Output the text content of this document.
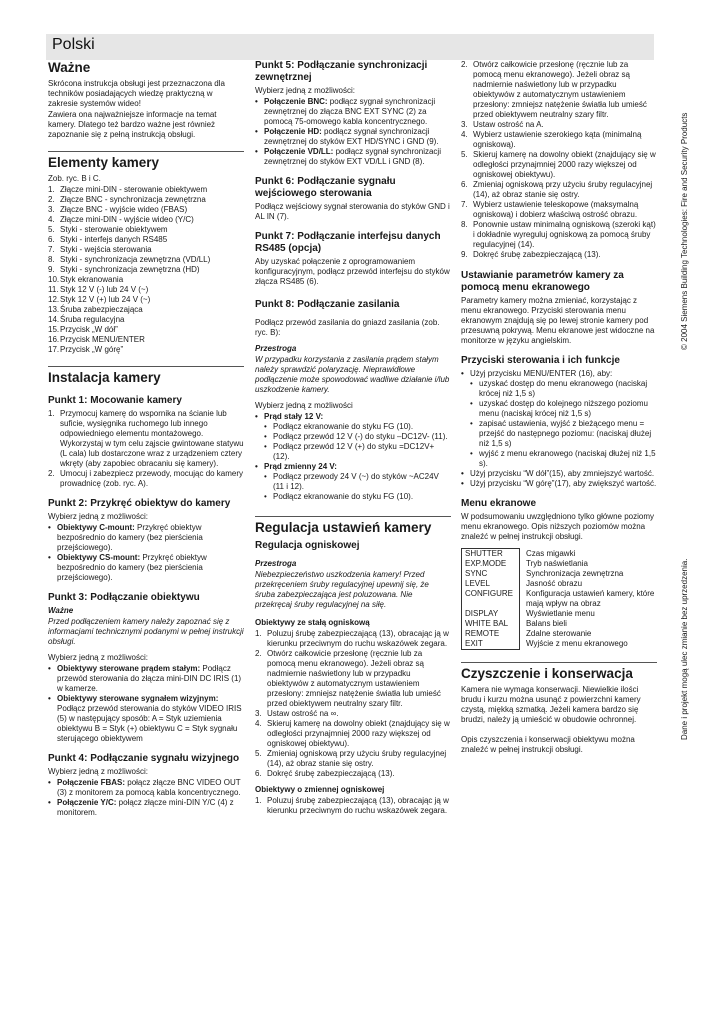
Polski
Ważne

Skrócona instrukcja obsługi jest przeznaczona dla techników posiadających wiedzę praktyczną w zakresie systemów wideo!

Zawiera ona najważniejsze informacje na temat kamery. Dlatego też bardzo ważne jest również zapoznanie się z pełną instrukcją obsługi.

Elementy kamery

Zob. ryc. B i C.

1. Złącze mini-DIN - sterowanie obiektywem
2. Złącze BNC - synchronizacja zewnętrzna
3. Złącze BNC - wyjście wideo (FBAS)
4. Złącze mini-DIN - wyjście wideo (Y/C)
5. Styki - sterowanie obiektywem
6. Styki - interfejs danych RS485
7. Styki - wejścia sterowania
8. Styki - synchronizacja zewnętrzna (VD/LL)
9. Styki - synchronizacja zewnętrzna (HD)
10. Styk ekranowania
11. Styk 12 V (-) lub 24 V (~)
12. Styk 12 V (+) lub 24 V (~)
13. Śruba zabezpieczająca
14. Śruba regulacyjna
15. Przycisk „W dół”
16. Przycisk MENU/ENTER
17. Przycisk „W górę”
Instalacja kamery
Punkt 1: Mocowanie kamery
1. Przymocuj kamerę do wspornika na ścianie lub suficie, wysięgnika ruchomego lub innego odpowiedniego elementu montażowego. Wykorzystaj w tym celu ząjscie gwintowane statywu (L cala) lub dostarczone wraz z urządzeniem cztery wkręty (aby zapobiec obracaniu się kamery).
2. Umocuj i zabezpiecz przewody, mocując do kamery prowadnicę (zob. ryc. A).
Punkt 2: Przykręć obiektyw do kamery

Wybierz jedną z możliwości:

• Obiektywy C-mount: Przykręć obiektyw bezpośrednio do kamery (bez pierścienia przejściowego).
• Obiektywy CS-mount: Przykręć obiektyw bezpośrednio do kamery (bez pierścienia przejściowego).
Punkt 3: Podłączanie obiektywu

Ważne

Przed podłączeniem kamery należy zapoznać się z informacjami technicznymi podanymi w pełnej instrukcji obsługi.

Wybierz jedną z możliwości:

• Obiektywy sterowane prądem stałym: Podłącz przewód sterowania do złącza mini-DIN DC IRIS (1) w kamerze.
• Obiektywy sterowane sygnałem wizyjnym: Podłącz przewód sterowania do styków VIDEO IRIS (5) w następujący sposób: A = Styk uziemienia obiektywu B = Styk (+) obiektywu C = Styk sygnału sterującego obiektywem
Punkt 4: Podłączanie sygnału wizyjnego

Wybierz jedną z możliwości:

• Połączenie FBAS: połącz złącze BNC VIDEO OUT (3) z monitorem za pomocą kabla koncentrycznego.
• Połączenie Y/C: połącz złącze mini-DIN Y/C (4) z monitorem.
Punkt 5: Podłączanie synchronizacji zewnętrznej

Wybierz jedną z możliwości:

• Połączenie BNC: podłącz sygnał synchronizacji zewnętrznej do złącza BNC EXT SYNC (2) za pomocą 75-omowego kabla koncentrycznego.
• Połączenie HD: podłącz sygnał synchronizacji zewnętrznej do styków EXT HD/SYNC i GND (9).
• Połączenie VD/LL: podłącz sygnał synchronizacji zewnętrznej do styków EXT VD/LL i GND (8).
Punkt 6: Podłączanie sygnału wejściowego sterowania

Podłącz wejściowy sygnał sterowania do styków GND i AL IN (7).

Punkt 7: Podłączanie interfejsu danych RS485 (opcja)

Aby uzyskać połączenie z oprogramowaniem konfiguracyjnym, podłącz przewód interfejsu do styków złącza RS485 (6).

Punkt 8: Podłączanie zasilania

Podłącz przewód zasilania do gniazd zasilania (zob. ryc. B):

Przestroga

W przypadku korzystania z zasilania prądem stałym należy sprawdzić polaryzację. Nieprawidłowe podłączenie może spowodować wadliwe działanie i/lub uszkodzenie kamery.

Wybierz jedną z możliwości

• Prąd stały 12 V:
• Podłącz ekranowanie do styku FG (10).
• Podłącz przewód 12 V (-) do styku –DC12V- (11).
• Podłącz przewód 12 V (+) do styku =DC12V+ (12).
• Prąd zmienny 24 V:
• Podłącz przewody 24 V (~) do styków ~AC24V (11 i 12).
• Podłącz ekranowanie do styku FG (10).
Regulacja ustawień kamery
Regulacja ogniskowej

Przestroga

Niebezpieczeństwo uszkodzenia kamery! Przed przekręceniem śruby regulacyjnej upewnij się, że śruba zabezpieczająca jest poluzowana. Nie przekręcaj śruby regulacyjnej na siłę.

Obiektywy ze stałą ogniskową
1. Poluzuj śrubę zabezpieczającą (13), obracając ją w kierunku przeciwnym do ruchu wskazówek zegara.
2. Otwórz całkowicie przesłonę (ręcznie lub za pomocą menu ekranowego). Jeżeli obraz są nadmiernie naświetlony lub w przypadku obiektywów z automatycznym ustawieniem przesłony: zmniejsz natężenie światła lub umieść przed obiektywem neutralny szary filtr.
3. Ustaw ostrość na ∞.
4. Skieruj kamerę na dowolny obiekt (znajdujący się w odległości przynajmniej 2000 razy większej od ogniskowej obiektywu).
5. Zmieniaj ogniskową przy użyciu śruby regulacyjnej (14), aż obraz stanie się ostry.
6. Dokręć śrubę zabezpieczającą (13).
Obiektywy o zmiennej ogniskowej
1. Poluzuj śrubę zabezpieczającą (13), obracając ją w kierunku przeciwnym do ruchu wskazówek zegara.
2. Otwórz całkowicie przesłonę (ręcznie lub za pomocą menu ekranowego). Jeżeli obraz są nadmiernie naświetlony lub w przypadku obiektywów z automatycznym ustawieniem przesłony: zmniejsz natężenie światła lub umieść przed obiektywem neutralny szary filtr.
3. Ustaw ostrość na A.
4. Wybierz ustawienie szerokiego kąta (minimalną ogniskową).
5. Skieruj kamerę na dowolny obiekt (znajdujący się w odległości przynajmniej 2000 razy większej od ogniskowej obiektywu).
6. Zmieniaj ogniskową przy użyciu śruby regulacyjnej (14), aż obraz stanie się ostry.
7. Wybierz ustawienie teleskopowe (maksymalną ogniskową) i dobierz właściwą ostrość obrazu.
8. Ponownie ustaw minimalną ogniskową (szeroki kąt) i dokładnie wyreguluj ogniskową za pomocą śruby regulacyjnej (14).
9. Dokręć śrubę zabezpieczającą (13).
Ustawianie parametrów kamery za pomocą menu ekranowego

Parametry kamery można zmieniać, korzystając z menu ekranowego. Przyciski sterowania menu ekranowym znajdują się po lewej stronie kamery pod przesuwną pokrywą. Menu ekranowe jest widoczne na monitorze w języku angielskim.

Przyciski sterowania i ich funkcje
• Użyj przycisku MENU/ENTER (16), aby:
• uzyskać dostęp do menu ekranowego (naciskaj krócej niż 1,5 s)
• uzyskać dostęp do kolejnego niższego poziomu menu (naciskaj krócej niż 1,5 s)
• zapisać ustawienia, wyjść z bieżącego menu = przejść do następnego poziomu: (naciskaj dłużej niż 1,5 s)
• wyjść z menu ekranowego (naciskaj dłużej niż 1,5 s).
• Użyj przycisku “W dół”(15), aby zmniejszyć wartość.
• Użyj przycisku “W górę”(17), aby zwiększyć wartość.
Menu ekranowe

W podsumowaniu uwzględniono tylko główne poziomy menu ekranowego. Opis niższych poziomów można znaleźć w pełnej instrukcji obsługi.

SHUTTER	Czas migawki
EXP.MODE	Tryb naświetlania
SYNC	Synchronizacja zewnętrzna
LEVEL	Jasność obrazu
CONFIGURE	Konfiguracja ustawień kamery, które mają wpływ na obraz
DISPLAY	Wyświetlanie menu
WHITE BAL	Balans bieli
REMOTE	Zdalne sterowanie
EXIT	Wyjście z menu ekranowego
Czyszczenie i konserwacja

Kamera nie wymaga konserwacji. Niewielkie ilości brudu i kurzu można usunąć z powierzchni kamery czystą, miękką szmatką. Jeżeli kamera bardzo się brudzi, należy ją umieścić w obudowie ochronnej.

Opis czyszczenia i konserwacji obiektywu można znaleźć w pełnej instrukcji obsługi.

© 2004 Siemens Building Technologies: Fire and Security Products
Dane i projekt mogą ulec zmianie bez uprzedzenia.
